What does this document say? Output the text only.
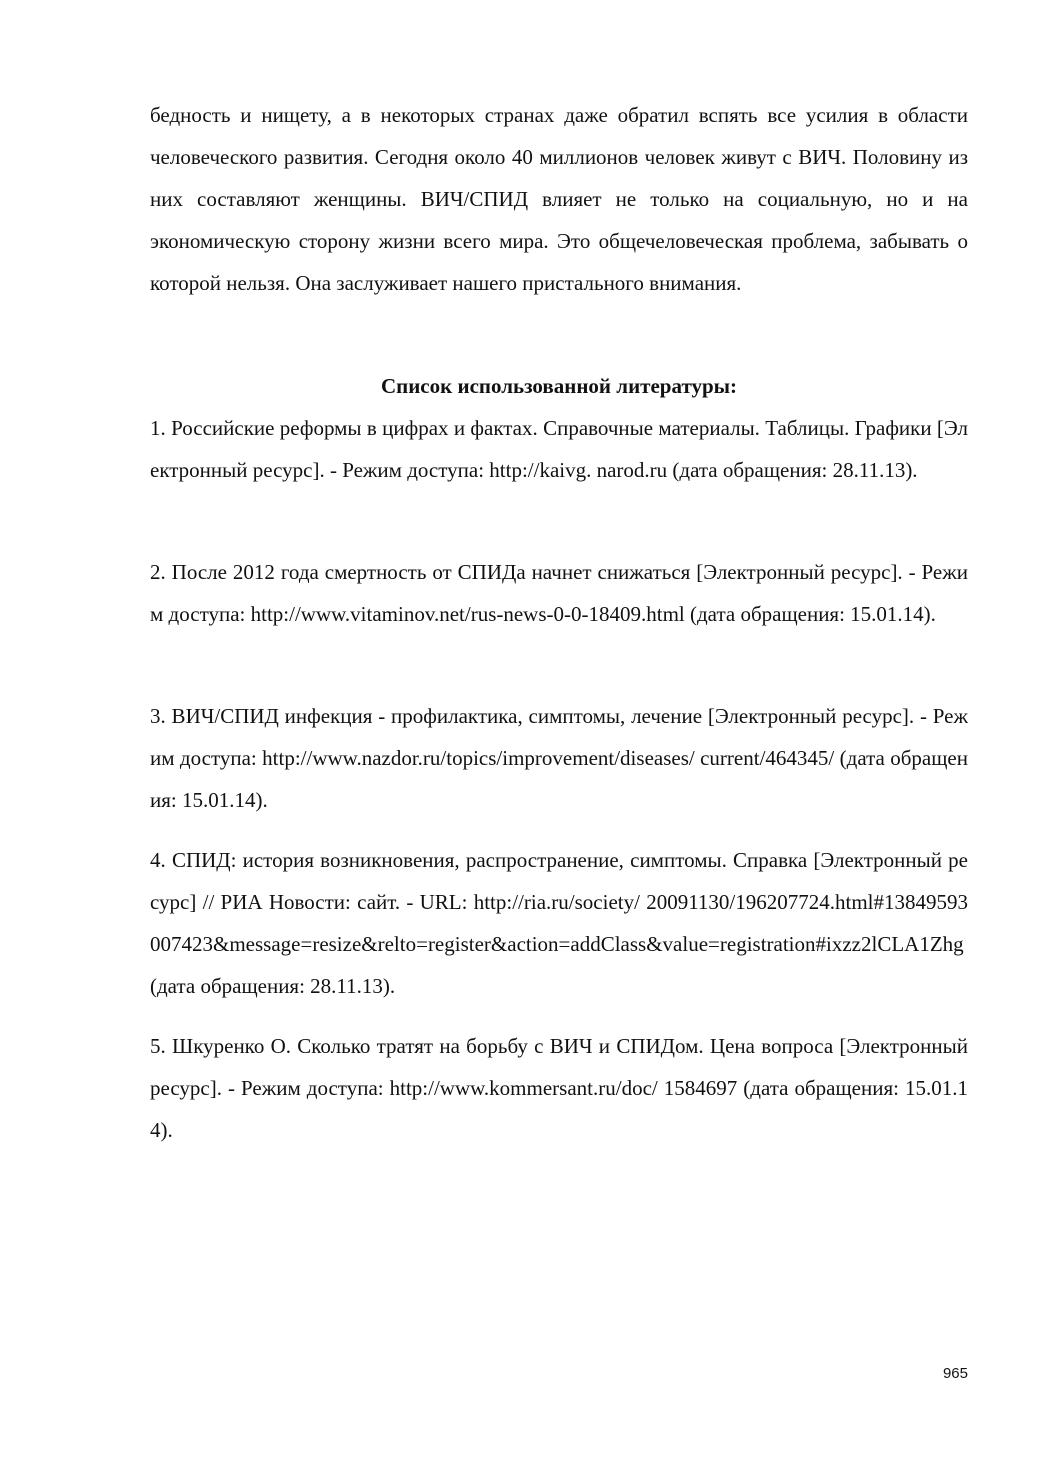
бедность и нищету, а в некоторых странах даже обратил вспять все усилия в области человеческого развития. Сегодня около 40 миллионов человек живут с ВИЧ. Половину из них составляют женщины. ВИЧ/СПИД влияет не только на социальную, но и на экономическую сторону жизни всего мира. Это общечеловеческая проблема, забывать о которой нельзя. Она заслуживает нашего пристального внимания.

Список использованной литературы:

1. Российские реформы в цифрах и фактах. Справочные материалы. Таблицы. Графики [Электронный ресурс]. - Режим доступа: http://kaivg. narod.ru (дата обращения: 28.11.13).

2. После 2012 года смертность от СПИДа начнет снижаться [Электронный ресурс]. - Режим доступа: http://www.vitaminov.net/rus-news-0-0-18409.html (дата обращения: 15.01.14).

3. ВИЧ/СПИД инфекция - профилактика, симптомы, лечение [Электронный ресурс]. - Режим доступа: http://www.nazdor.ru/topics/improvement/diseases/ current/464345/ (дата обращения: 15.01.14).

4. СПИД: история возникновения, распространение, симптомы. Справка [Электронный ресурс] // РИА Новости: сайт. - URL: http://ria.ru/society/ 20091130/196207724.html#13849593007423&message=resize&relto=register&action=addClass&value=registration#ixzz2lCLA1Zhg (дата обращения: 28.11.13).

5. Шкуренко О. Сколько тратят на борьбу с ВИЧ и СПИДом. Цена вопроса [Электронный ресурс]. - Режим доступа: http://www.kommersant.ru/doc/ 1584697 (дата обращения: 15.01.14).

965
